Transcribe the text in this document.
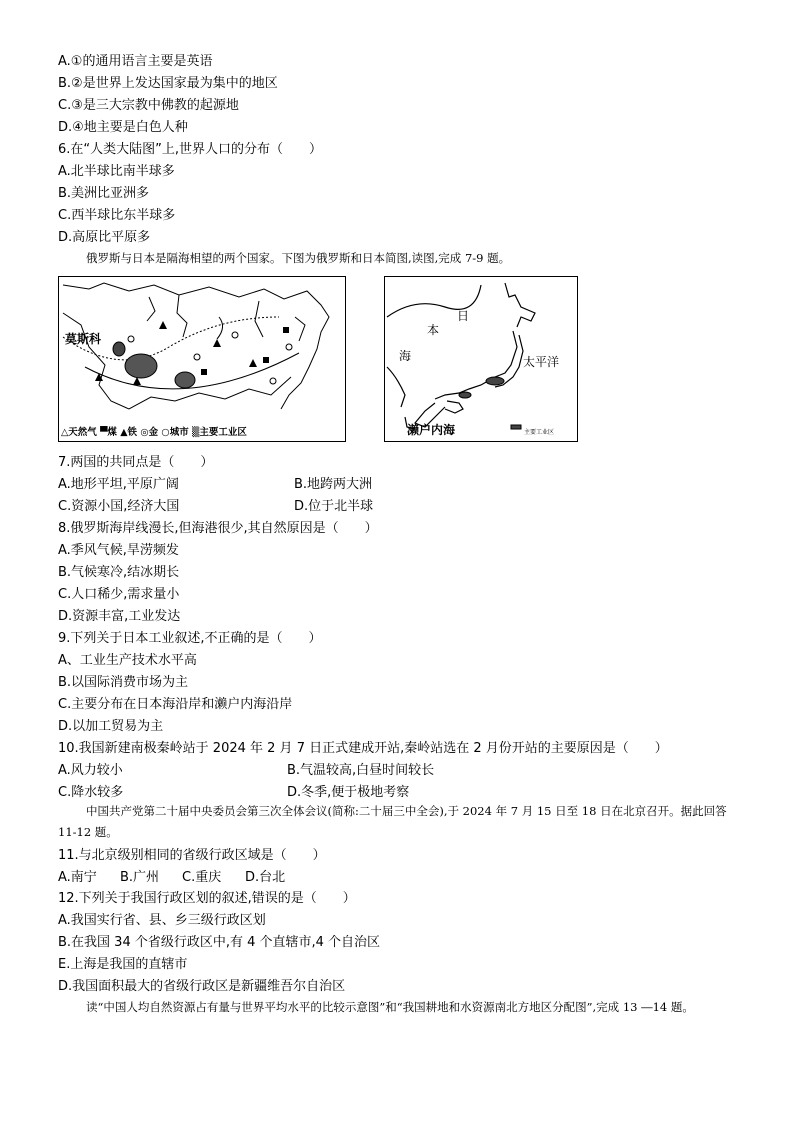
A.①的通用语言主要是英语
B.②是世界上发达国家最为集中的地区
C.③是三大宗教中佛教的起源地
D.④地主要是白色人种
6.在“人类大陆图”上,世界人口的分布（　　）
A.北半球比南半球多
B.美洲比亚洲多
C.西半球比东半球多
D.高原比平原多
俄罗斯与日本是隔海相望的两个国家。下图为俄罗斯和日本简图,读图,完成 7-9 题。
莫斯科
△天然气 ▀煤 ▲铁 ◎金 ○城市 ▒主要工业区
日
本
海	太平洋
濑户内海	主要工业区
7.两国的共同点是（　　）
A.地形平坦,平原广阔	B.地跨两大洲
C.资源小国,经济大国	D.位于北半球
8.俄罗斯海岸线漫长,但海港很少,其自然原因是（　　）
A.季风气候,旱涝频发
B.气候寒冷,结冰期长
C.人口稀少,需求量小
D.资源丰富,工业发达
9.下列关于日本工业叙述,不正确的是（　　）
A、工业生产技术水平高
B.以国际消费市场为主
C.主要分布在日本海沿岸和濑户内海沿岸
D.以加工贸易为主
10.我国新建南极秦岭站于 2024 年 2 月 7 日正式建成开站,秦岭站选在 2 月份开站的主要原因是（　　）
A.风力较小	B.气温较高,白昼时间较长
C.降水较多	D.冬季,便于极地考察
中国共产党第二十届中央委员会第三次全体会议(简称:二十届三中全会),于 2024 年 7 月 15 日至 18 日在北京召开。据此回答 11-12 题。
11.与北京级别相同的省级行政区域是（　　）
A.南宁 B.广州 C.重庆 D.台北
12.下列关于我国行政区划的叙述,错误的是（　　）
A.我国实行省、县、乡三级行政区划
B.在我国 34 个省级行政区中,有 4 个直辖市,4 个自治区
E.上海是我国的直辖市
D.我国面积最大的省级行政区是新疆维吾尔自治区
读“中国人均自然资源占有量与世界平均水平的比较示意图”和“我国耕地和水资源南北方地区分配图”,完成 13 ―14 题。
